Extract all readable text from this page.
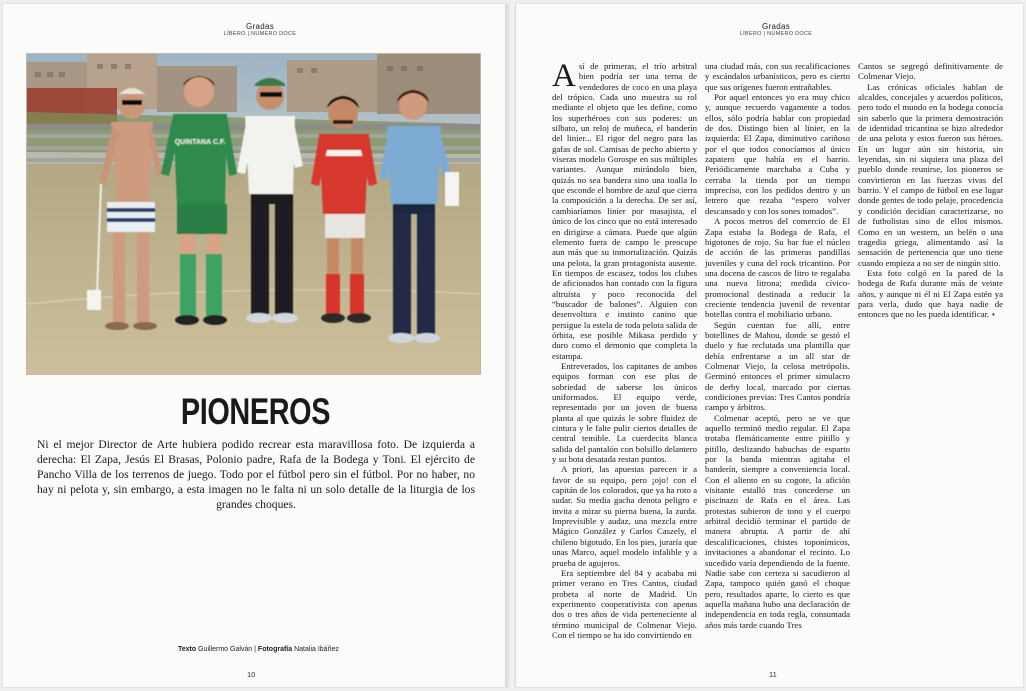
Gradas
LÍBERO | NÚMERO DOCE
QUINTANA C.F.
PIONEROS
Ni el mejor Director de Arte hubiera podido recrear esta maravillosa foto. De izquierda a derecha: El Zapa, Jesús El Brasas, Polonio padre, Rafa de la Bodega y Toni. El ejército de Pancho Villa de los terrenos de juego. Todo por el fútbol pero sin el fútbol. Por no haber, no hay ni pelota y, sin embargo, a esta imagen no le falta ni un solo detalle de la liturgia de los grandes choques.
Texto Guillermo Galván | Fotografía Natalia Ibáñez
10
Gradas
LÍBERO | NÚMERO DOCE

Así de primeras, el trío arbitral bien podría ser una terna de vendedores de coco en una playa del trópico. Cada uno muestra su rol mediante el objeto que les define, como los superhéroes con sus poderes: un silbato, un reloj de muñeca, el banderín del linier... El rigor del negro para las gafas de sol. Camisas de pecho abierto y viseras modelo Gorospe en sus múltiples variantes. Aunque mirándolo bien, quizás no sea bandera sino una toalla lo que esconde el hombre de azul que cierra la composición a la derecha. De ser así, cambiaríamos linier por masajista, el único de los cinco que no está interesado en dirigirse a cámara. Puede que algún elemento fuera de campo le preocupe aun más que su inmortalización. Quizás una pelota, la gran protagonista ausente. En tiempos de escasez, todos los clubes de aficionados han contado con la figura altruista y poco reconocida del “buscador de balones”. Alguien con desenvoltura e instinto canino que persigue la estela de toda pelota salida de órbita, ese posible Mikasa perdido y duro como el demonio que completa la estampa.

Entreverados, los capitanes de ambos equipos forman con ese plus de sobriedad de saberse los únicos uniformados. El equipo verde, representado por un joven de buena planta al que quizás le sobre fluidez de cintura y le falte pulir ciertos detalles de central temible. La cuerdecita blanca salida del pantalón con bolsillo delantero y su bota desatada restan puntos.

A priori, las apuestas parecen ir a favor de su equipo, pero ¡ojo! con el capitán de los colorados, que ya ha roto a sudar. Su media gacha denota peligro e invita a mirar su pierna buena, la zurda. Imprevisible y audaz, una mezcla entre Mágico González y Carlos Caszely, el chileno bigotudo. En los pies, juraría que unas Marco, aquel modelo infalible y a prueba de agujeros.

Era septiembre del 84 y acababa mi primer verano en Tres Cantos, ciudad probeta al norte de Madrid. Un experimento cooperativista con apenas dos o tres años de vida perteneciente al término municipal de Colmenar Viejo. Con el tiempo se ha ido convirtiendo en

una ciudad más, con sus recalificaciones y escándalos urbanísticos, pero es cierto que sus orígenes fueron entrañables.

Por aquel entonces yo era muy chico y, aunque recuerdo vagamente a todos ellos, sólo podría hablar con propiedad de dos. Distingo bien al linier, en la izquierda: El Zapa, diminutivo cariñoso por el que todos conocíamos al único zapatero que había en el barrio. Periódicamente marchaba a Cuba y cerraba la tienda por un tiempo impreciso, con los pedidos dentro y un letrero que rezaba “espero volver descansado y con los sones tomados”.

A pocos metros del comercio de El Zapa estaba la Bodega de Rafa, el bigotones de rojo. Su bar fue el núcleo de acción de las primeras pandillas juveniles y cuna del rock tricantino. Por una docena de cascos de litro te regalaba una nueva litrona; medida cívico-promocional destinada a reducir la creciente tendencia juvenil de reventar botellas contra el mobiliario urbano.

Según cuentan fue allí, entre botellines de Mahou, donde se gestó el duelo y fue reclutada una plantilla que debía enfrentarse a un all star de Colmenar Viejo, la celosa metrópolis. Germinó entonces el primer simulacro de derby local, marcado por ciertas condiciones previas: Tres Cantos pondría campo y árbitros.

Colmenar aceptó, pero se ve que aquello terminó medio regular. El Zapa trotaba flemáticamente entre pitillo y pitillo, deslizando babuchas de esparto por la banda mientras agitaba el banderín, siempre a conveniencia local. Con el aliento en su cogote, la afición visitante estalló tras concederse un piscinazo de Rafa en el área. Las protestas subieron de tono y el cuerpo arbitral decidió terminar el partido de manera abrupta. A partir de ahí descalificaciones, chistes toponímicos, invitaciones a abandonar el recinto. Lo sucedido varía dependiendo de la fuente. Nadie sabe con certeza si sacudieron al Zapa, tampoco quién ganó el choque pero, resultados aparte, lo cierto es que aquella mañana hubo una declaración de independencia en toda regla, consumada años más tarde cuando Tres

Cantos se segregó definitivamente de Colmenar Viejo.

Las crónicas oficiales hablan de alcaldes, concejales y acuerdos políticos, pero todo el mundo en la bodega conocía sin saberlo que la primera demostración de identidad tricantina se hizo alrededor de una pelota y estos fueron sus héroes. En un lugar aún sin historia, sin leyendas, sin ni siquiera una plaza del pueblo donde reunirse, los pioneros se convirtieron en las fuerzas vivas del barrio. Y el campo de fútbol en ese lugar donde gentes de todo pelaje, procedencia y condición decidían caracterizarse, no de futbolistas sino de ellos mismos. Como en un western, un belén o una tragedia griega, alimentando así la sensación de pertenencia que uno tiene cuando empieza a no ser de ningún sitio.

Esta foto colgó en la pared de la bodega de Rafa durante más de veinte años, y aunque ni él ni El Zapa estén ya para verla, dudo que haya nadie de entonces que no les pueda identificar. •

11
